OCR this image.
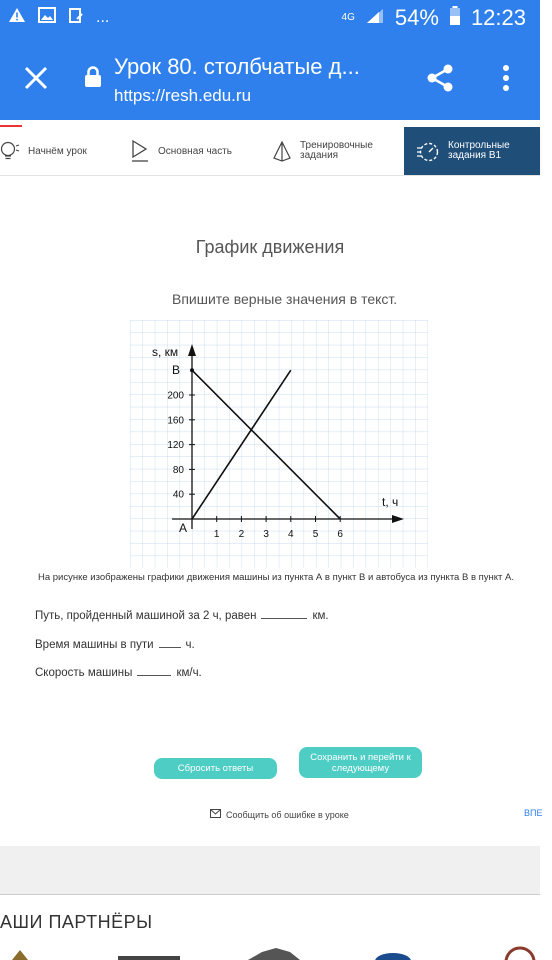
...	4G 54% 12:23
Урок 80. столбчатые д...
https://resh.edu.ru
Начнём урок	Основная часть	Тренировочные задания
Контрольные задания В1
График движения
Впишите верные значения в текст.
s, км
t, ч
1 2 3 4 5 6
40
80
120
160
200
B
A
На рисунке изображены графики движения машины из пункта А в пункт В и автобуса из пункта В в пункт А.
Путь, пройденный машиной за 2 ч, равен	км.
Время машины в пути	ч.
Скорость машины	км/ч.
Сбросить ответы
Сохранить и перейти к следующему
Сообщить об ошибке в уроке	ВПЕ
АШИ ПАРТНЁРЫ
